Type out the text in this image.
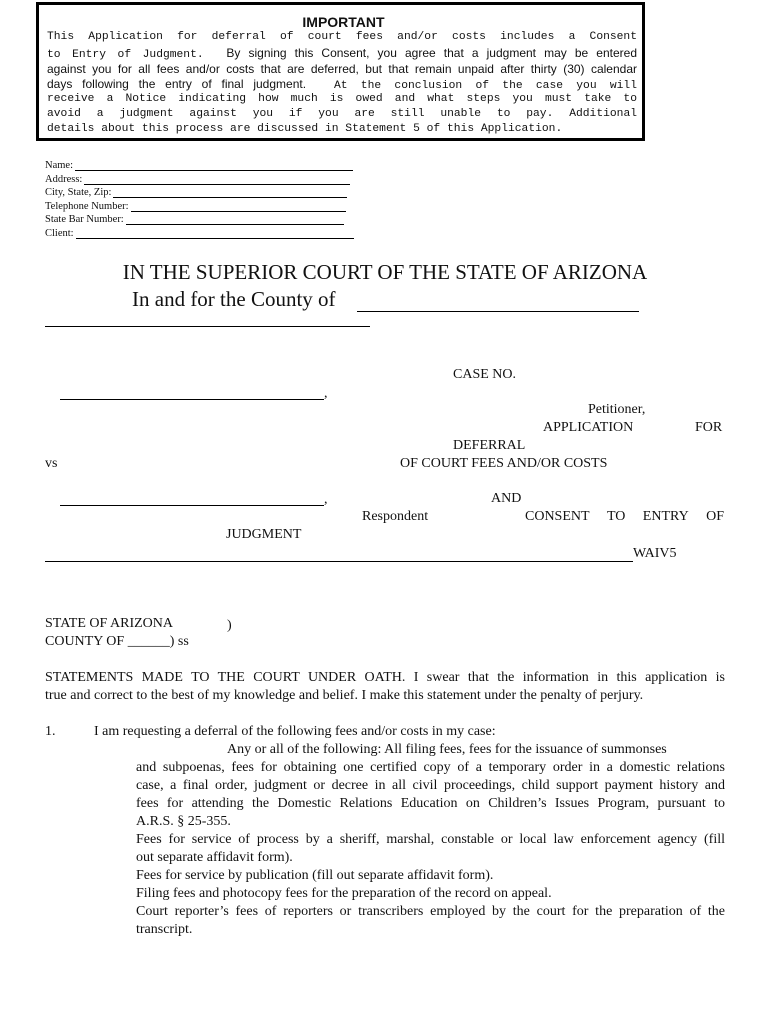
IMPORTANT
This Application for deferral of court fees and/or costs includes a Consent
to Entry of Judgment. By signing this Consent, you agree that a judgment may be entered
against you for all fees and/or costs that are deferred, but that remain unpaid after thirty (30) calendar
days following the entry of final judgment. At the conclusion of the case you will
receive a Notice indicating how much is owed and what steps you must take to
avoid a judgment against you if you are still unable to pay. Additional
details about this process are discussed in Statement 5 of this Application.
Name:
Address:
City, State, Zip:
Telephone Number:
State Bar Number:
Client:
IN THE SUPERIOR COURT OF THE STATE OF ARIZONA
In and for the County of
CASE NO.
,
Petitioner,
APPLICATION	FOR
DEFERRAL
vs	OF COURT FEES AND/OR COSTS
AND
,
Respondent	CONSENT TO ENTRY OF
JUDGMENT
WAIV5
STATE OF ARIZONA	)
COUNTY OF ______) ss
STATEMENTS MADE TO THE COURT UNDER OATH. I swear that the information in this application is
true and correct to the best of my knowledge and belief. I make this statement under the penalty of perjury.
1.	I am requesting a deferral of the following fees and/or costs in my case:
Any or all of the following: All filing fees, fees for the issuance of summonses
and subpoenas, fees for obtaining one certified copy of a temporary order in a domestic relations
case, a final order, judgment or decree in all civil proceedings, child support payment history and
fees for attending the Domestic Relations Education on Children’s Issues Program, pursuant to
A.R.S. § 25-355.
Fees for service of process by a sheriff, marshal, constable or local law enforcement agency (fill
out separate affidavit form).
Fees for service by publication (fill out separate affidavit form).
Filing fees and photocopy fees for the preparation of the record on appeal.
Court reporter’s fees of reporters or transcribers employed by the court for the preparation of the
transcript.
